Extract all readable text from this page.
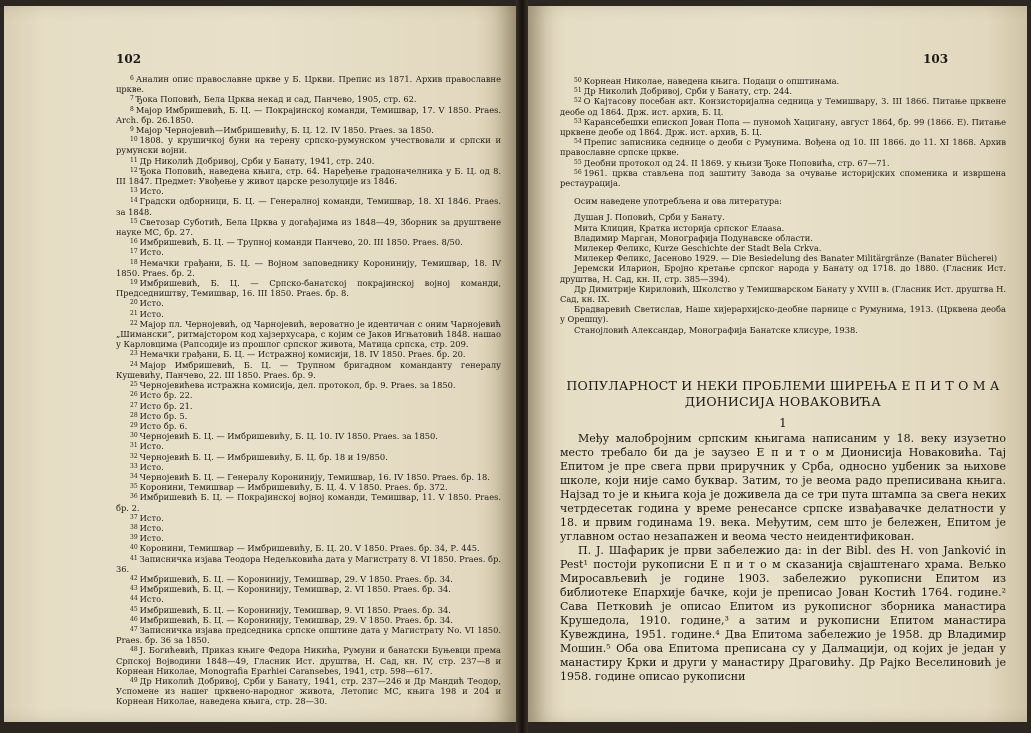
102
$^6$ Аналин опис православне цркве у Б. Цркви. Препис из 1871. Архив православне цркве.
$^7$ Ђока Поповић, Бела Црква некад и сад, Панчево, 1905, стр. 62.
$^8$ Мајор Имбришевић, Б. Ц. — Покрајинској команди, Темишвар, 17. V 1850. Praes. Arch. бр. 26.1850.
$^9$ Мајор Черноjевић—Имбришевићу, Б. Ц. 12. IV 1850. Praes. за 1850.
$^{10}$ 1808. у крушичкој буни на терену српско-румунском учествовали и српски и румунски војни.
$^{11}$ Др Николић Добривој, Срби у Банату, 1941, стр. 240.
$^{12}$ Ђока Поповић, наведена књига, стр. 64. Наређење градоначелника у Б. Ц. од 8. III 1847. Предмет: Увођење у живот царске резолуције из 1846.
$^{13}$ Исто.
$^{14}$ Градски одборници, Б. Ц. — Генералној команди, Темишвар, 18. XI 1846. Praes. за 1848.
$^{15}$ Светозар Суботић, Бела Црква у догађајима из 1848—49, Зборник за друштвене науке МС, бр. 27.
$^{16}$ Имбришевић, Б. Ц. — Трупној команди Панчево, 20. III 1850. Praes. 8/50.
$^{17}$ Исто.
$^{18}$ Немачки грађани, Б. Ц. — Војном заповеднику Коронинију, Темишвар, 18. IV 1850. Praes. бр. 2.
$^{19}$ Имбришевић, Б. Ц. — Српско-банатској покрајинској војној команди, Председништву, Темишвар, 16. III 1850. Praes. бр. 8.
$^{20}$ Исто.
$^{21}$ Исто.
$^{22}$ Мајор пл. Черноjевић, од Чарноjевић, вероватно је идентичан с оним Чарнојевић „Шимански“, ритмајстором код хајзерхусара, с којим се Јаков Игњатовић 1848. нашао у Карловцима (Рапсодије из прошлог српског живота, Матица српска, стр. 209.
$^{23}$ Немачки грађани, Б. Ц. — Истражној комисији, 18. IV 1850. Praes. бр. 20.
$^{24}$ Мајор Имбришевић, Б. Ц. — Трупном бригадном команданту генералу Кушевићу, Панчево, 22. III 1850. Praes. бр. 9.
$^{25}$ Черноjевићева истражна комисија, дел. протокол, бр. 9. Praes. за 1850.
$^{26}$ Исто бр. 22.
$^{27}$ Исто бр. 21.
$^{28}$ Исто бр. 5.
$^{29}$ Исто бр. 6.
$^{30}$ Черноjевић Б. Ц. — Имбришевићу, Б. Ц. 10. IV 1850. Praes. за 1850.
$^{31}$ Исто.
$^{32}$ Черноjевић Б. Ц. — Имбришевићу, Б. Ц. бр. 18 и 19/850.
$^{33}$ Исто.
$^{34}$ Черноjевић Б. Ц. — Генералу Коронинију, Темишвар, 16. IV 1850. Praes. бр. 18.
$^{35}$ Коронини, Темишвар — Имбришевићу, Б. Ц. 4. V 1850. Praes. бр. 372.
$^{36}$ Имбришевић Б. Ц. — Покрајинској војној команди, Темишвар, 11. V 1850. Praes. бр. 2.
$^{37}$ Исто.
$^{38}$ Исто.
$^{39}$ Исто.
$^{40}$ Коронини, Темишвар — Имбришевићу, Б. Ц. 20. V 1850. Praes. бр. 34, Р. 445.
$^{41}$ Записничка изјава Теодора Недељковића дата у Магистрату 8. VI 1850. Praes. бр. 36.
$^{42}$ Имбришевић, Б. Ц. — Коронинију, Темишвар, 29. V 1850. Praes. бр. 34.
$^{43}$ Имбришевић, Б. Ц. — Коронинију, Темишвар, 2. VI 1850. Praes. бр. 34.
$^{44}$ Исто.
$^{45}$ Имбришевић, Б. Ц. — Коронинију, Темишвар, 9. VI 1850. Praes. бр. 34.
$^{46}$ Имбришевић, Б. Ц. — Коронинију, Темишвар, 29. V 1850. Praes. бр. 34.
$^{47}$ Записничка изјава председника српске општине дата у Магистрату No. VI 1850. Praes. бр. 36 за 1850.
$^{48}$ Ј. Богићевић, Приказ књиге Федора Никића, Румуни и банатски Буњевци према Српској Војводини 1848—49, Гласник Ист. друштва, Н. Сад, кн. IV, стр. 237—8 и Корнеан Николае, Monografia Eparhiei Caransebes, 1941, стр. 598—617.
$^{49}$ Др Николић Добривој, Срби у Банату, 1941, стр. 237—246 и Др Мандић Теодор, Успомене из нашег црквено-народног живота, Летопис МС, књига 198 и 204 и Корнеан Николае, наведена књига, стр. 28—30.
103
$^{50}$ Корнеан Николае, наведена књига. Подаци о општинама.
$^{51}$ Др Николић Добривој, Срби у Банату, стр. 244.
$^{52}$ О Кајтасову посебан акт. Конзисторијална седница у Темишвару, 3. III 1866. Питање црквене деобе од 1864. Држ. ист. архив, Б. Ц.
$^{53}$ Карансебешки епископ Јован Попа — пуномоћ Хацигану, август 1864, бр. 99 (1866. Е). Питање црквене деобе од 1864. Држ. ист. архив, Б. Ц.
$^{54}$ Препис записника седнице о деоби с Румунима. Вођена од 10. III 1866. до 11. XI 1868. Архив православне српске цркве.
$^{55}$ Деобни протокол од 24. II 1869. у књизи Ђоке Поповића, стр. 67—71.
$^{56}$ 1961. црква стављена под заштиту Завода за очување историјских споменика и извршена рестаурација.
Осим наведене употребљена и ова литература:
Душан Ј. Поповић, Срби у Банату.
Мита Клицин, Кратка историја српског Елаasа.
Владимир Марган, Монографија Подунавске области.
Милекер Феликс, Kurze Geschichte der Stadt Bela Crkva.
Милекер Феликс, Јасеново 1929. — Die Besiedelung des Banater Militärgränze (Banater Bücherei)
Јеремски Иларион, Бројно кретање српског народа у Банату од 1718. до 1880. (Гласник Ист. друштва, Н. Сад, кн. II, стр. 385—394).
Др Димитрије Кириловић, Школство у Темишварском Банату у XVIII в. (Гласник Ист. друштва Н. Сад, кн. IX.
Брадваревић Светислав, Наше хијерархијско-деобне парнице с Румунима, 1913. (Црквена деоба у Орешцу).
Станојловић Александар, Монографија Банатске клисуре, 1938.
ПОПУЛАРНОСТ И НЕКИ ПРОБЛЕМИ ШИРЕЊА Е П И Т О М А
ДИОНИСИЈА НОВАКОВИЋА
1

Међу малобројним српским књигама написаним у 18. веку изузетно место требало би да је заузео Е п и т о м Дионисија Новаковића. Тај Епитом је пре свега први приручник у Срба, односно уџбеник за њихове школе, који није само буквар. Затим, то је веома радо преписивана књига. Најзад то је и књига која је доживела да се три пута штампа за свега неких четрдесетак година у време ренесансе српске извађавачке делатности у 18. и првим годинама 19. века. Међутим, сем што је бележен, Епитом је углавном остао незапажен и веома често неидентификован.

П. Ј. Шафарик је први забележио да: in der Bibl. des H. von Janković in Pest¹ постоји рукописни Е п и т о м сказанија свјаштенаго храма. Вељко Миросављевић је године 1903. забележио рукописни Епитом из библиотеке Епархије бачке, који је преписао Јован Костић 1764. године.² Сава Петковић је описао Епитом из рукописног зборника манастира Крушедола, 1910. године,³ а затим и рукописни Епитом манастира Кувеждина, 1951. године.⁴ Два Епитома забележио је 1958. др Владимир Мошин.⁵ Оба ова Епитома преписана су у Далмацији, од којих је један у манастиру Крки и други у манастиру Драговићу. Др Рајко Веселиновић је 1958. године описао рукописни
